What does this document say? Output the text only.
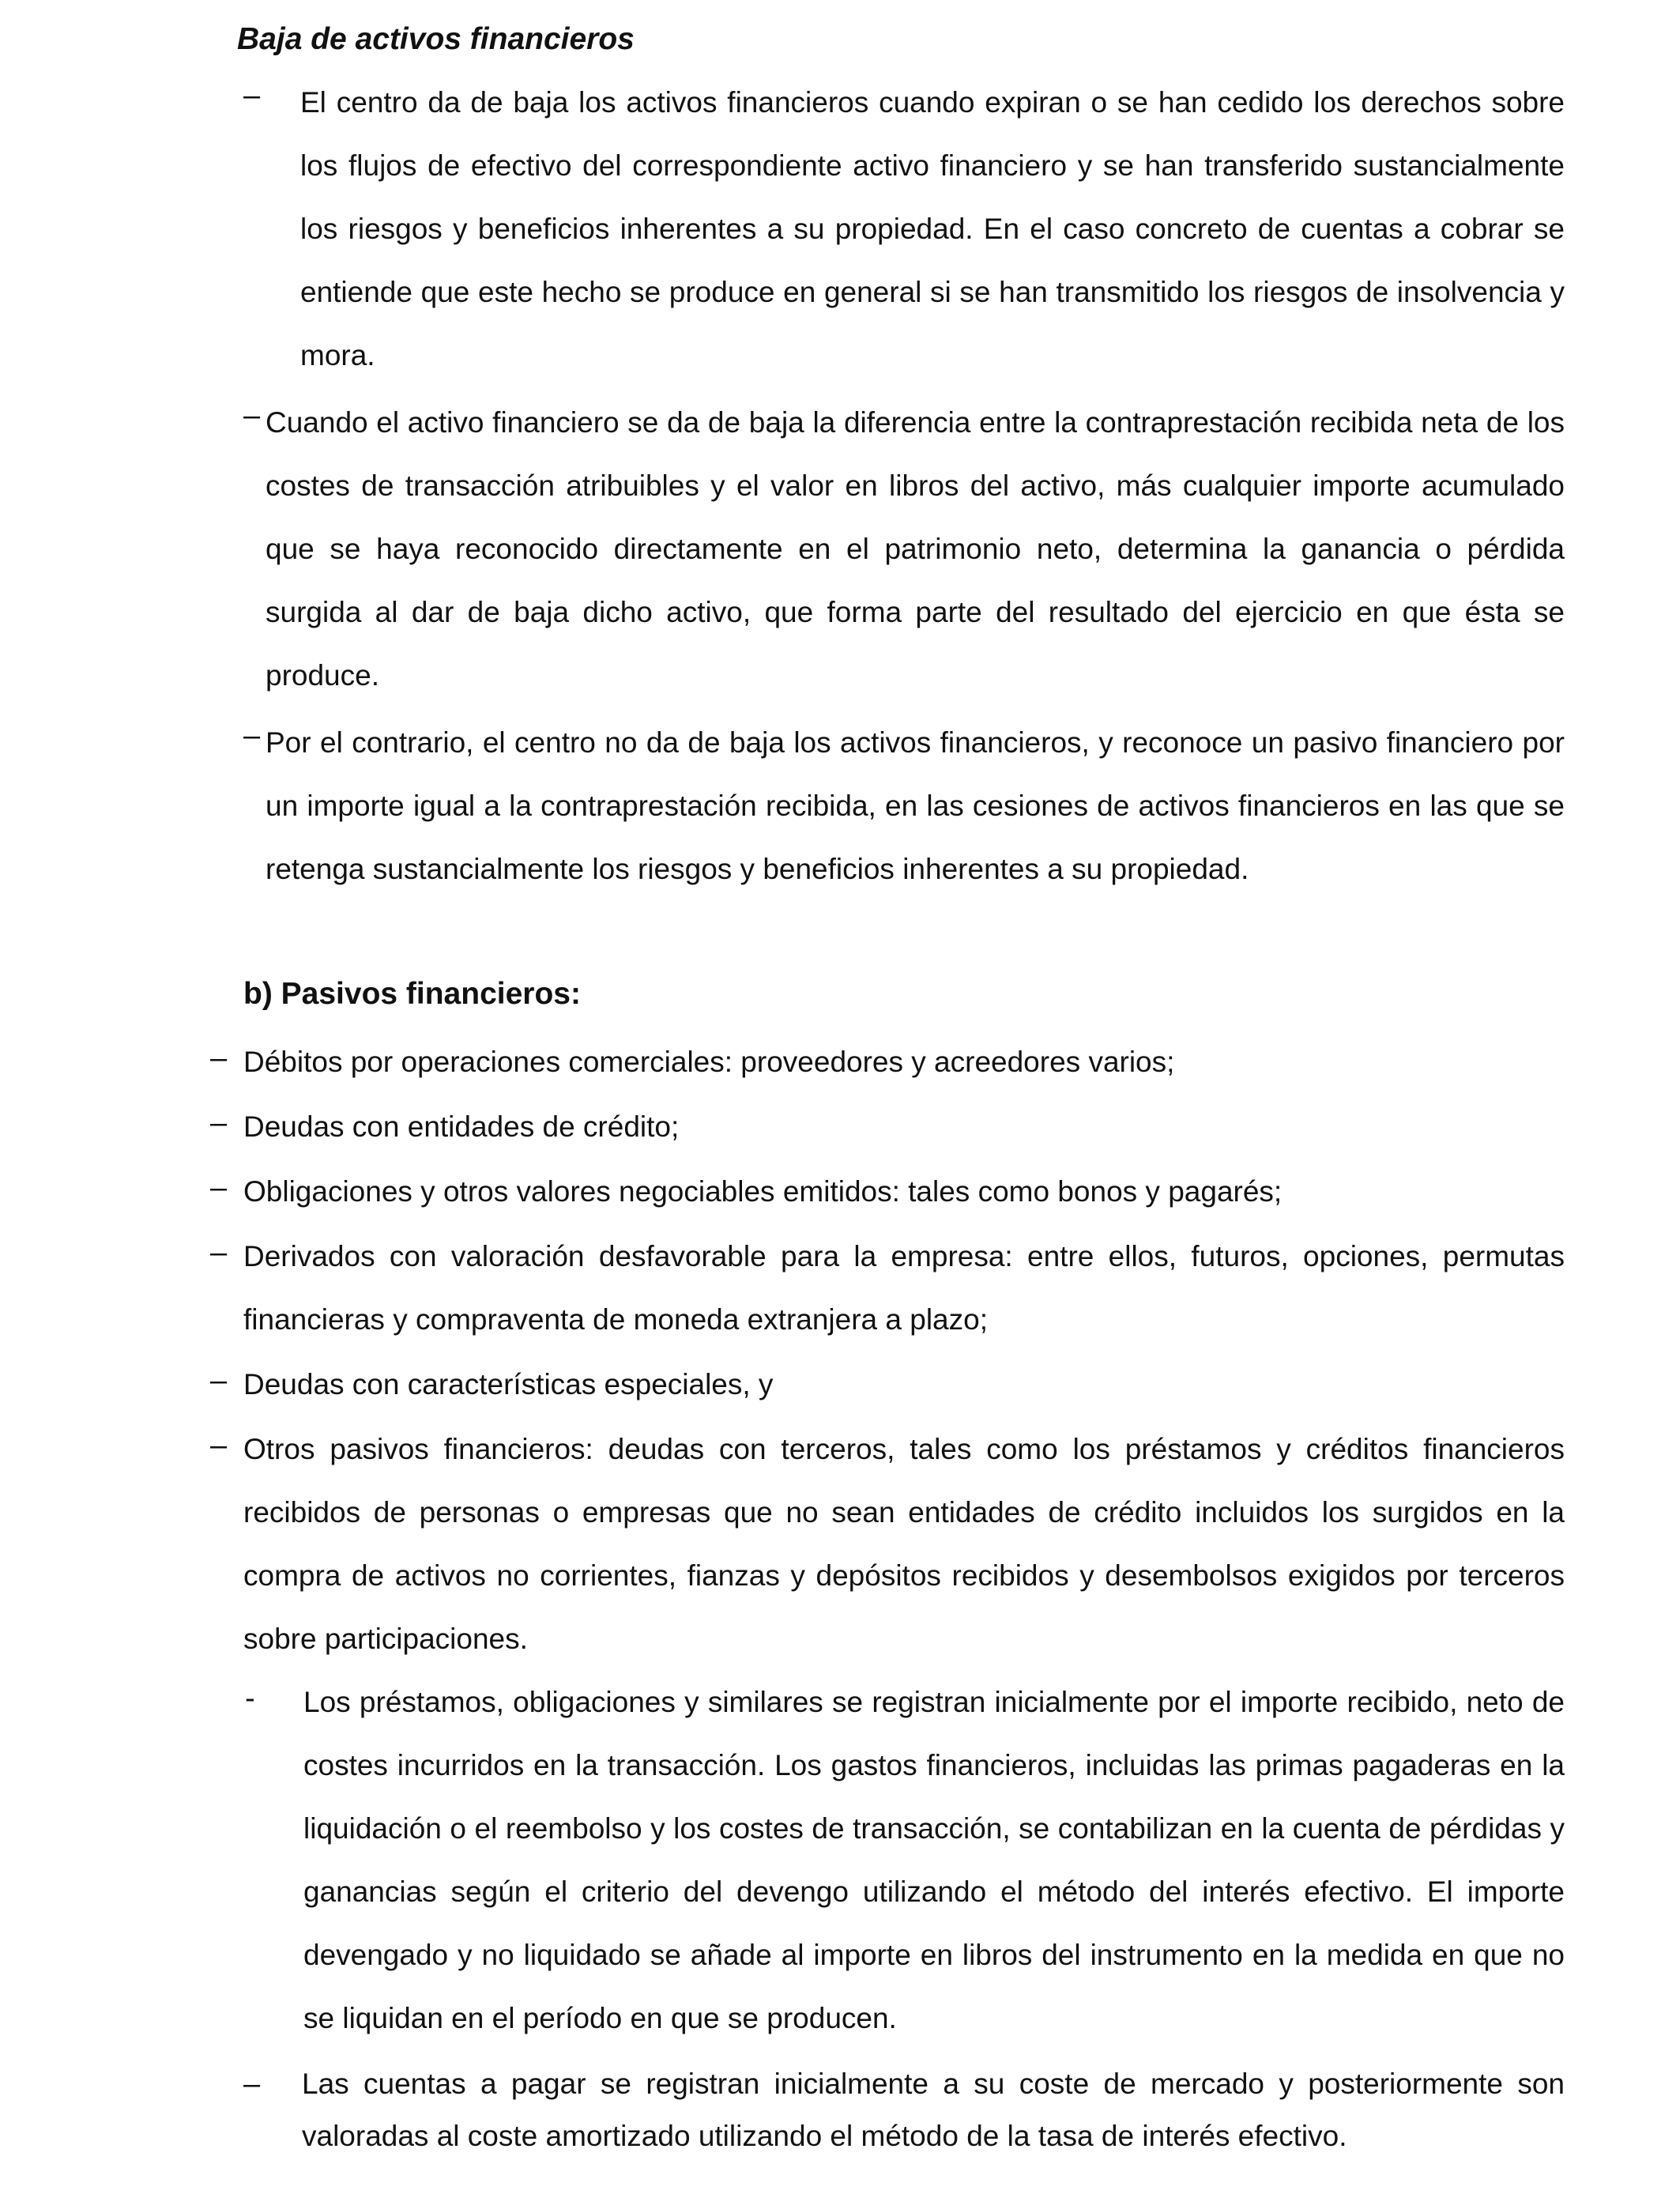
Baja de activos financieros
– El centro da de baja los activos financieros cuando expiran o se han cedido los derechos sobre los flujos de efectivo del correspondiente activo financiero y se han transferido sustancialmente los riesgos y beneficios inherentes a su propiedad. En el caso concreto de cuentas a cobrar se entiende que este hecho se produce en general si se han transmitido los riesgos de insolvencia y mora.
– Cuando el activo financiero se da de baja la diferencia entre la contraprestación recibida neta de los costes de transacción atribuibles y el valor en libros del activo, más cualquier importe acumulado que se haya reconocido directamente en el patrimonio neto, determina la ganancia o pérdida surgida al dar de baja dicho activo, que forma parte del resultado del ejercicio en que ésta se produce.
– Por el contrario, el centro no da de baja los activos financieros, y reconoce un pasivo financiero por un importe igual a la contraprestación recibida, en las cesiones de activos financieros en las que se retenga sustancialmente los riesgos y beneficios inherentes a su propiedad.
b) Pasivos financieros:
– Débitos por operaciones comerciales: proveedores y acreedores varios;
– Deudas con entidades de crédito;
– Obligaciones y otros valores negociables emitidos: tales como bonos y pagarés;
– Derivados con valoración desfavorable para la empresa: entre ellos, futuros, opciones, permutas financieras y compraventa de moneda extranjera a plazo;
– Deudas con características especiales, y
– Otros pasivos financieros: deudas con terceros, tales como los préstamos y créditos financieros recibidos de personas o empresas que no sean entidades de crédito incluidos los surgidos en la compra de activos no corrientes, fianzas y depósitos recibidos y desembolsos exigidos por terceros sobre participaciones.
- Los préstamos, obligaciones y similares se registran inicialmente por el importe recibido, neto de costes incurridos en la transacción. Los gastos financieros, incluidas las primas pagaderas en la liquidación o el reembolso y los costes de transacción, se contabilizan en la cuenta de pérdidas y ganancias según el criterio del devengo utilizando el método del interés efectivo. El importe devengado y no liquidado se añade al importe en libros del instrumento en la medida en que no se liquidan en el período en que se producen.
– Las cuentas a pagar se registran inicialmente a su coste de mercado y posteriormente son valoradas al coste amortizado utilizando el método de la tasa de interés efectivo.
